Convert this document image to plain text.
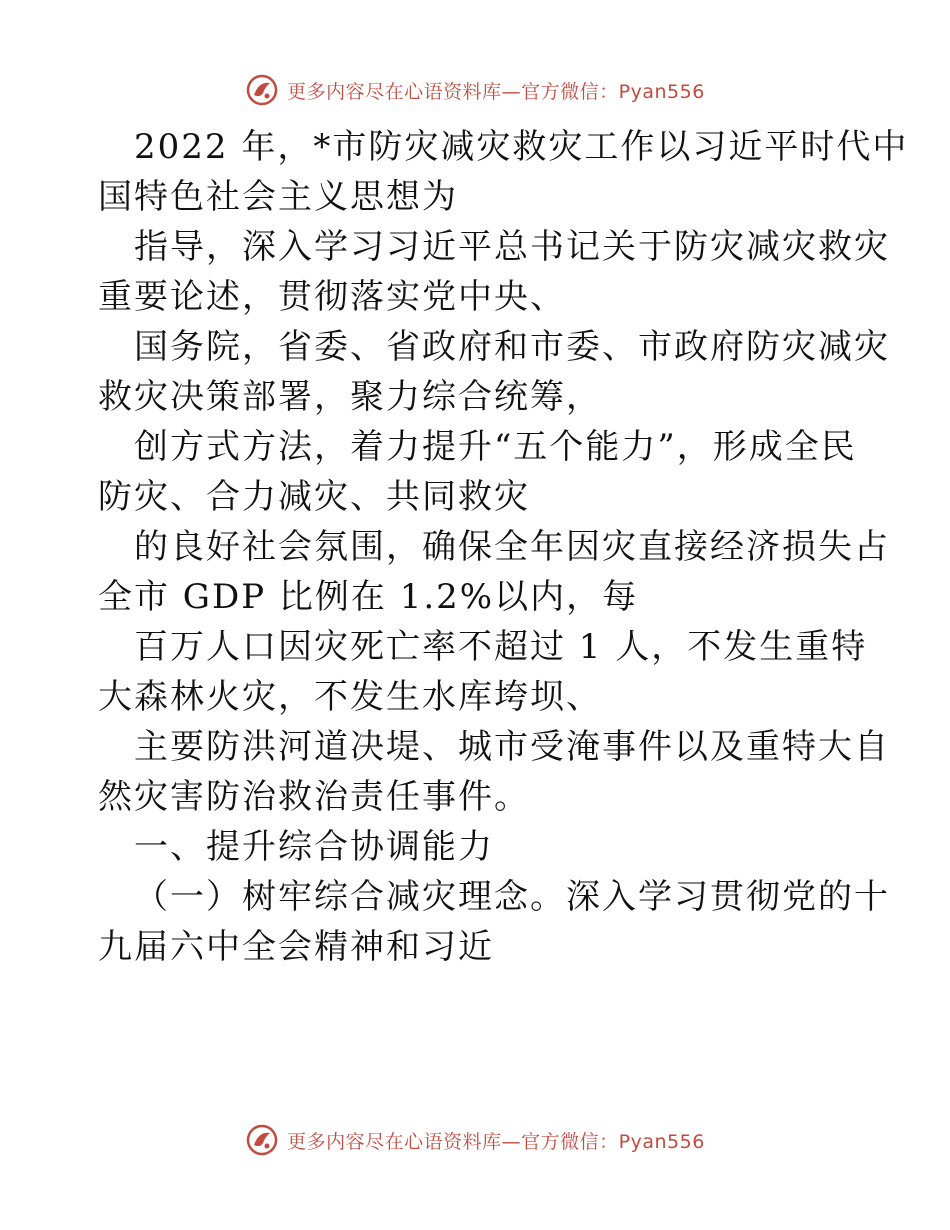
更多内容尽在心语资料库—官方微信：Pyan556
2022 年，*市防灾减灾救灾工作以习近平时代中
国特色社会主义思想为
指导，深入学习习近平总书记关于防灾减灾救灾
重要论述，贯彻落实党中央、
国务院，省委、省政府和市委、市政府防灾减灾
救灾决策部署，聚力综合统筹，
创方式方法，着力提升“五个能力”，形成全民
防灾、合力减灾、共同救灾
的良好社会氛围，确保全年因灾直接经济损失占
全市 GDP 比例在 1.2%以内，每
百万人口因灾死亡率不超过 1 人，不发生重特
大森林火灾，不发生水库垮坝、
主要防洪河道决堤、城市受淹事件以及重特大自
然灾害防治救治责任事件。
一、提升综合协调能力
（一）树牢综合减灾理念。深入学习贯彻党的十
九届六中全会精神和习近
更多内容尽在心语资料库—官方微信：Pyan556
